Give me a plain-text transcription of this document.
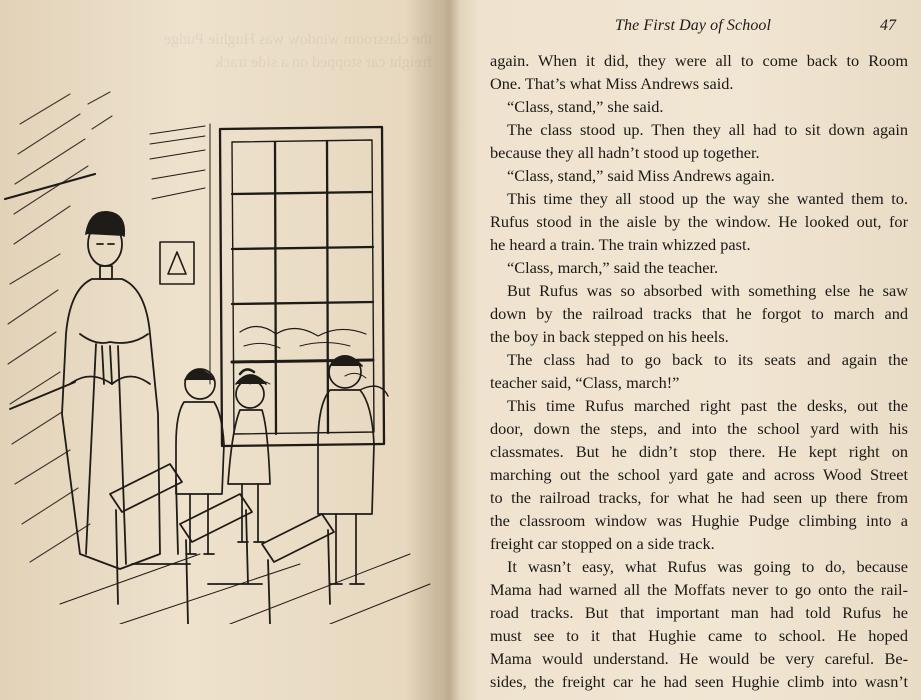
the classroom window was Hughie Pudge
freight car stopped on a side track
The First Day of School	47
again. When it did, they were all to come back to Room
One. That’s what Miss Andrews said.
“Class, stand,” she said.
The class stood up. Then they all had to sit down again
because they all hadn’t stood up together.
“Class, stand,” said Miss Andrews again.
This time they all stood up the way she wanted them to.
Rufus stood in the aisle by the window. He looked out, for
he heard a train. The train whizzed past.
“Class, march,” said the teacher.
But Rufus was so absorbed with something else he saw
down by the railroad tracks that he forgot to march and
the boy in back stepped on his heels.
The class had to go back to its seats and again the
teacher said, “Class, march!”
This time Rufus marched right past the desks, out the
door, down the steps, and into the school yard with his
classmates. But he didn’t stop there. He kept right on
marching out the school yard gate and across Wood Street
to the railroad tracks, for what he had seen up there from
the classroom window was Hughie Pudge climbing into a
freight car stopped on a side track.
It wasn’t easy, what Rufus was going to do, because
Mama had warned all the Moffats never to go onto the rail-
road tracks. But that important man had told Rufus he
must see to it that Hughie came to school. He hoped
Mama would understand. He would be very careful. Be-
sides, the freight car he had seen Hughie climb into wasn’t
